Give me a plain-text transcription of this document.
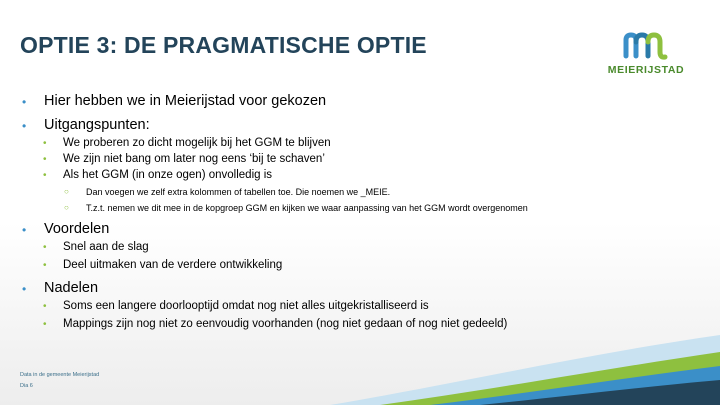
OPTIE 3: DE PRAGMATISCHE OPTIE
MEIERIJSTAD
• Hier hebben we in Meierijstad voor gekozen
• Uitgangspunten:
• We proberen zo dicht mogelijk bij het GGM te blijven
• We zijn niet bang om later nog eens ‘bij te schaven’
• Als het GGM (in onze ogen) onvolledig is
○ Dan voegen we zelf extra kolommen of tabellen toe. Die noemen we _MEIE.
○ T.z.t. nemen we dit mee in de kopgroep GGM en kijken we waar aanpassing van het GGM wordt overgenomen
• Voordelen
• Snel aan de slag
• Deel uitmaken van de verdere ontwikkeling
• Nadelen
• Soms een langere doorlooptijd omdat nog niet alles uitgekristalliseerd is
• Mappings zijn nog niet zo eenvoudig voorhanden (nog niet gedaan of nog niet gedeeld)
Data in de gemeente Meierijstad
Dia 6
